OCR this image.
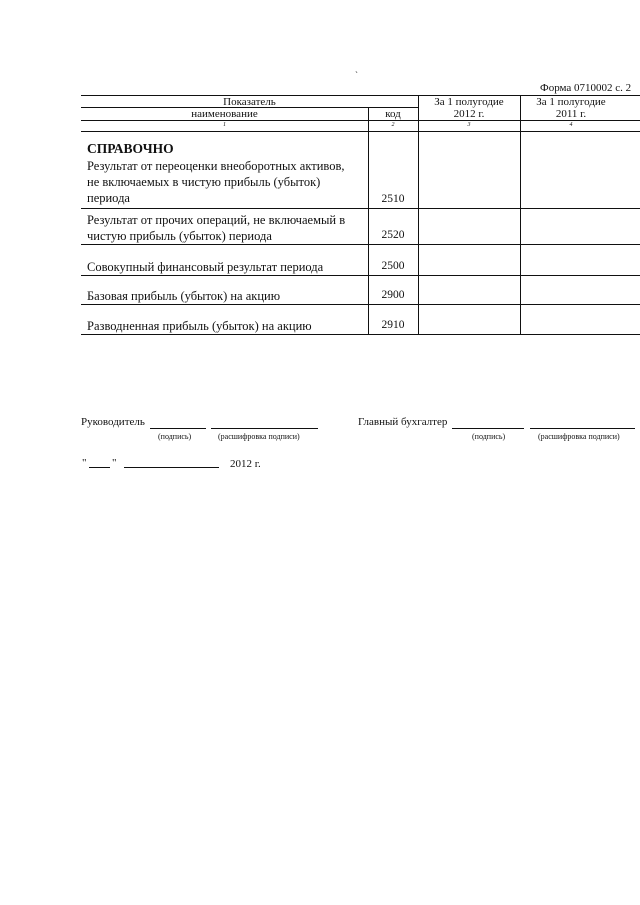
`
Форма 0710002 с. 2
Показатель
наименование	код
За 1 полугодие
2012 г.
За 1 полугодие
2011 г.
1	2	3	4
СПРАВОЧНО
Результат от переоценки внеоборотных активов,
не включаемых в чистую прибыль (убыток)
периода	2510
Результат от прочих операций, не включаемый в
чистую прибыль (убыток) периода	2520
Совокупный финансовый результат периода	2500
Базовая прибыль (убыток) на акцию	2900
Разводненная прибыль (убыток) на акцию	2910
Руководитель
(подпись)	(расшифровка подписи)
Главный бухгалтер
(подпись)	(расшифровка подписи)
" "	2012 г.
